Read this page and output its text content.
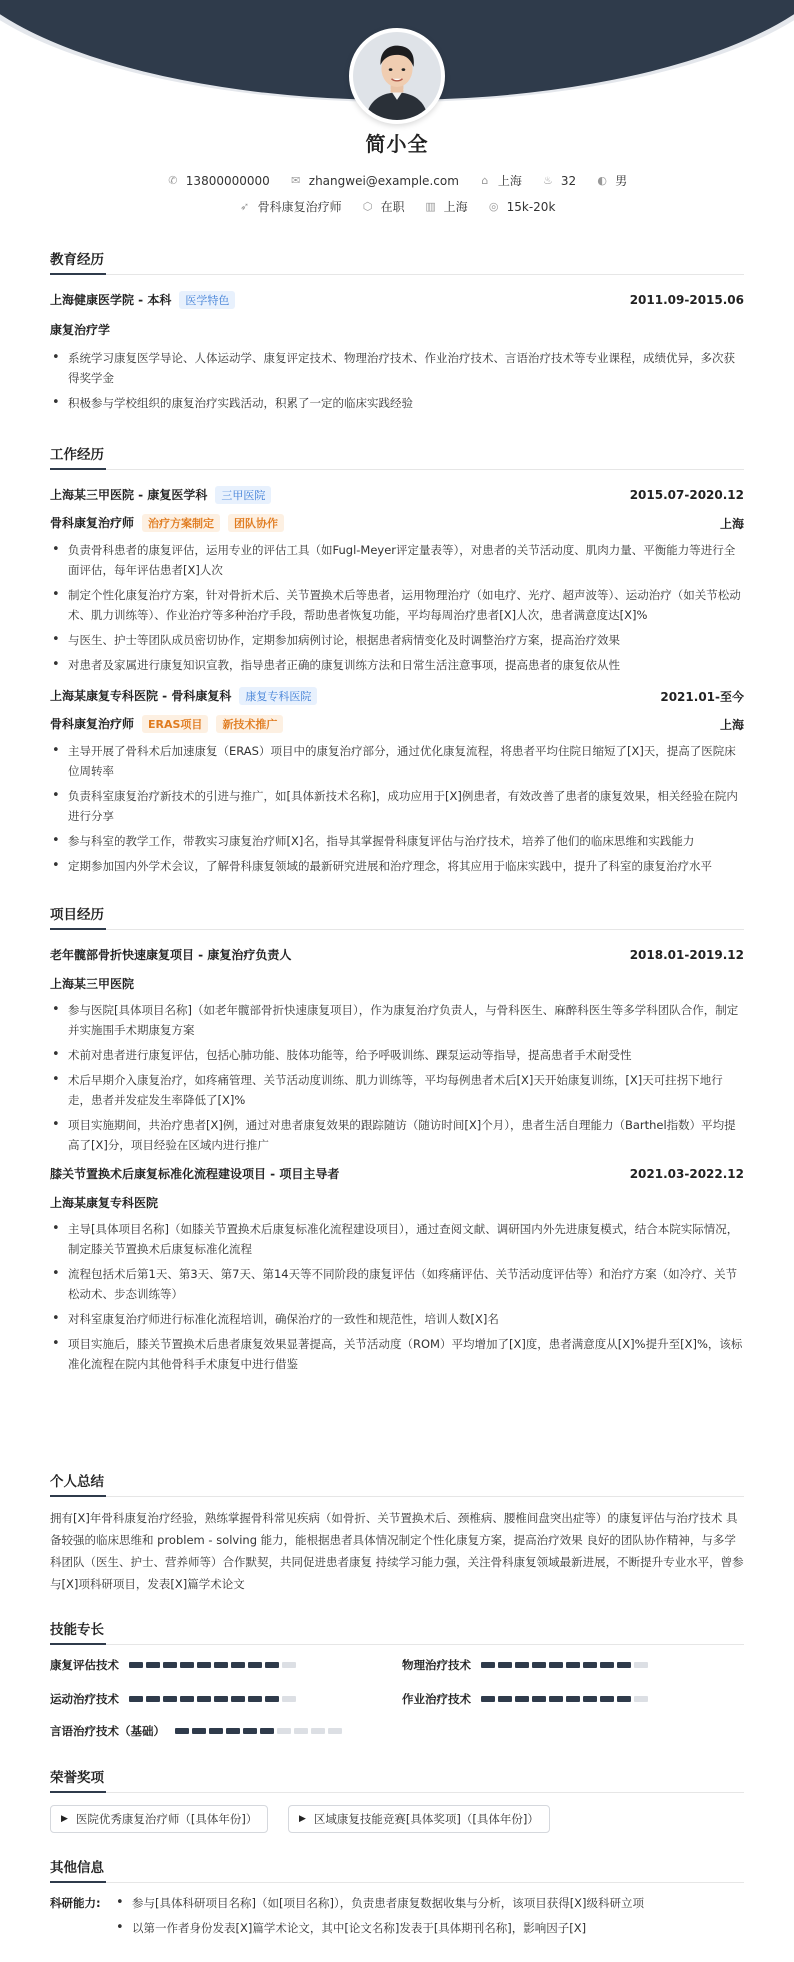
简小全
✆ 13800000000 ✉ zhangwei@example.com ⌂ 上海 ♨ 32 ◐ 男
➶ 骨科康复治疗师 ⬡ 在职 ▥ 上海 ◎ 15k-20k
教育经历
上海健康医学院 - 本科 医学特色	2011.09-2015.06
康复治疗学
• 系统学习康复医学导论、人体运动学、康复评定技术、物理治疗技术、作业治疗技术、言语治疗技术等专业课程，成绩优异，多次获得奖学金
• 积极参与学校组织的康复治疗实践活动，积累了一定的临床实践经验
工作经历
上海某三甲医院 - 康复医学科 三甲医院	2015.07-2020.12
骨科康复治疗师 治疗方案制定 团队协作	上海
• 负责骨科患者的康复评估，运用专业的评估工具（如Fugl-Meyer评定量表等），对患者的关节活动度、肌肉力量、平衡能力等进行全面评估，每年评估患者[X]人次
• 制定个性化康复治疗方案，针对骨折术后、关节置换术后等患者，运用物理治疗（如电疗、光疗、超声波等）、运动治疗（如关节松动术、肌力训练等）、作业治疗等多种治疗手段，帮助患者恢复功能，平均每周治疗患者[X]人次，患者满意度达[X]%
• 与医生、护士等团队成员密切协作，定期参加病例讨论，根据患者病情变化及时调整治疗方案，提高治疗效果
• 对患者及家属进行康复知识宣教，指导患者正确的康复训练方法和日常生活注意事项，提高患者的康复依从性
上海某康复专科医院 - 骨科康复科 康复专科医院	2021.01-至今
骨科康复治疗师 ERAS项目 新技术推广	上海
• 主导开展了骨科术后加速康复（ERAS）项目中的康复治疗部分，通过优化康复流程，将患者平均住院日缩短了[X]天，提高了医院床位周转率
• 负责科室康复治疗新技术的引进与推广，如[具体新技术名称]，成功应用于[X]例患者，有效改善了患者的康复效果，相关经验在院内进行分享
• 参与科室的教学工作，带教实习康复治疗师[X]名，指导其掌握骨科康复评估与治疗技术，培养了他们的临床思维和实践能力
• 定期参加国内外学术会议，了解骨科康复领域的最新研究进展和治疗理念，将其应用于临床实践中，提升了科室的康复治疗水平
项目经历
老年髋部骨折快速康复项目 - 康复治疗负责人	2018.01-2019.12
上海某三甲医院
• 参与医院[具体项目名称]（如老年髋部骨折快速康复项目），作为康复治疗负责人，与骨科医生、麻醉科医生等多学科团队合作，制定并实施围手术期康复方案
• 术前对患者进行康复评估，包括心肺功能、肢体功能等，给予呼吸训练、踝泵运动等指导，提高患者手术耐受性
• 术后早期介入康复治疗，如疼痛管理、关节活动度训练、肌力训练等，平均每例患者术后[X]天开始康复训练，[X]天可拄拐下地行走，患者并发症发生率降低了[X]%
• 项目实施期间，共治疗患者[X]例，通过对患者康复效果的跟踪随访（随访时间[X]个月），患者生活自理能力（Barthel指数）平均提高了[X]分，项目经验在区域内进行推广
膝关节置换术后康复标准化流程建设项目 - 项目主导者	2021.03-2022.12
上海某康复专科医院
• 主导[具体项目名称]（如膝关节置换术后康复标准化流程建设项目），通过查阅文献、调研国内外先进康复模式，结合本院实际情况，制定膝关节置换术后康复标准化流程
• 流程包括术后第1天、第3天、第7天、第14天等不同阶段的康复评估（如疼痛评估、关节活动度评估等）和治疗方案（如冷疗、关节松动术、步态训练等）
• 对科室康复治疗师进行标准化流程培训，确保治疗的一致性和规范性，培训人数[X]名
• 项目实施后，膝关节置换术后患者康复效果显著提高，关节活动度（ROM）平均增加了[X]度，患者满意度从[X]%提升至[X]%，该标准化流程在院内其他骨科手术康复中进行借鉴
个人总结
拥有[X]年骨科康复治疗经验，熟练掌握骨科常见疾病（如骨折、关节置换术后、颈椎病、腰椎间盘突出症等）的康复评估与治疗技术 具备较强的临床思维和 problem - solving 能力，能根据患者具体情况制定个性化康复方案，提高治疗效果 良好的团队协作精神，与多学科团队（医生、护士、营养师等）合作默契，共同促进患者康复 持续学习能力强，关注骨科康复领域最新进展，不断提升专业水平，曾参与[X]项科研项目，发表[X]篇学术论文
技能专长
康复评估技术	物理治疗技术
运动治疗技术	作业治疗技术
言语治疗技术（基础）
荣誉奖项
▶ 医院优秀康复治疗师（[具体年份]）	▶ 区域康复技能竞赛[具体奖项]（[具体年份]）
其他信息
科研能力:
•	参与[具体科研项目名称]（如[项目名称]），负责患者康复数据收集与分析，该项目获得[X]级科研立项
• 以第一作者身份发表[X]篇学术论文，其中[论文名称]发表于[具体期刊名称]，影响因子[X]
